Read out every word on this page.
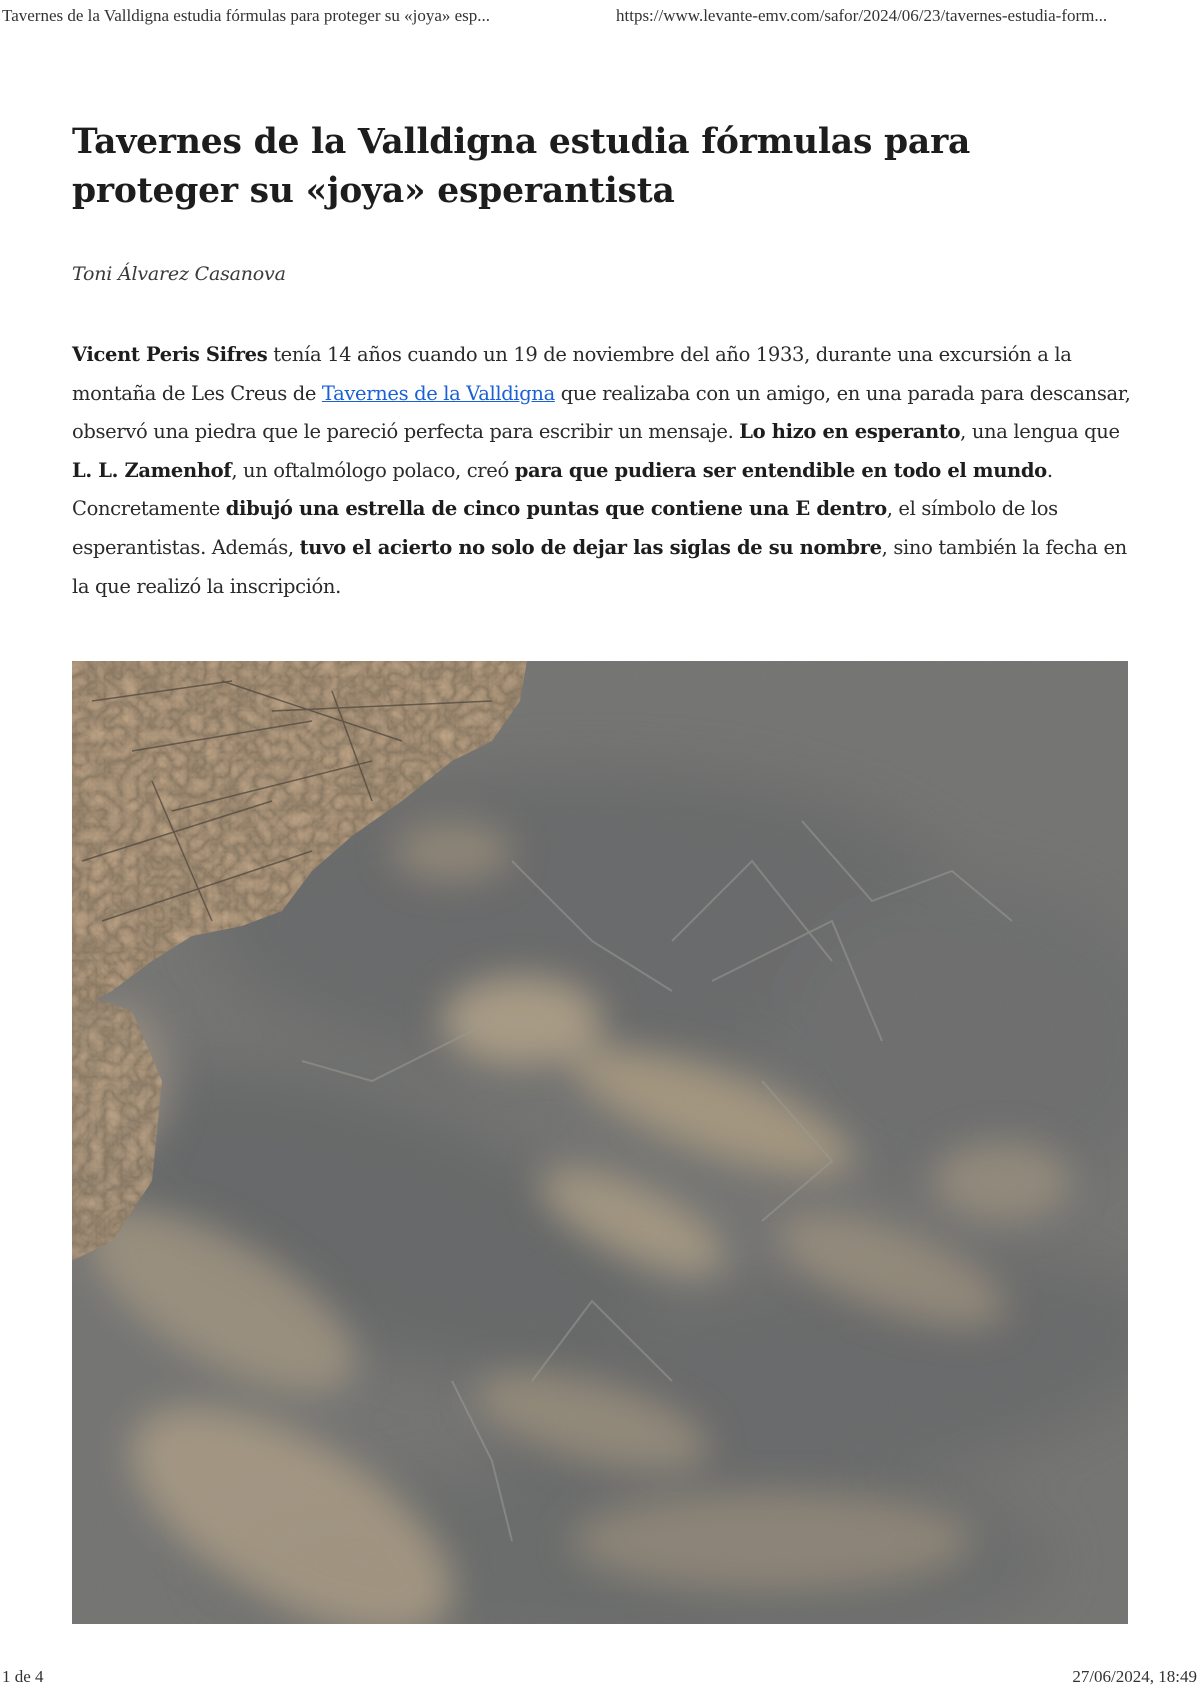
Tavernes de la Valldigna estudia fórmulas para proteger su «joya» esp...	https://www.levante-emv.com/safor/2024/06/23/tavernes-estudia-form...
Tavernes de la Valldigna estudia fórmulas para proteger su «joya» esperantista
Toni Álvarez Casanova

Vicent Peris Sifres tenía 14 años cuando un 19 de noviembre del año 1933, durante una excursión a la montaña de Les Creus de Tavernes de la Valldigna que realizaba con un amigo, en una parada para descansar, observó una piedra que le pareció perfecta para escribir un mensaje. Lo hizo en esperanto, una lengua que L. L. Zamenhof, un oftalmólogo polaco, creó para que pudiera ser entendible en todo el mundo. Concretamente dibujó una estrella de cinco puntas que contiene una E dentro, el símbolo de los esperantistas. Además, tuvo el acierto no solo de dejar las siglas de su nombre, sino también la fecha en la que realizó la inscripción.

1 de 4	27/06/2024, 18:49
